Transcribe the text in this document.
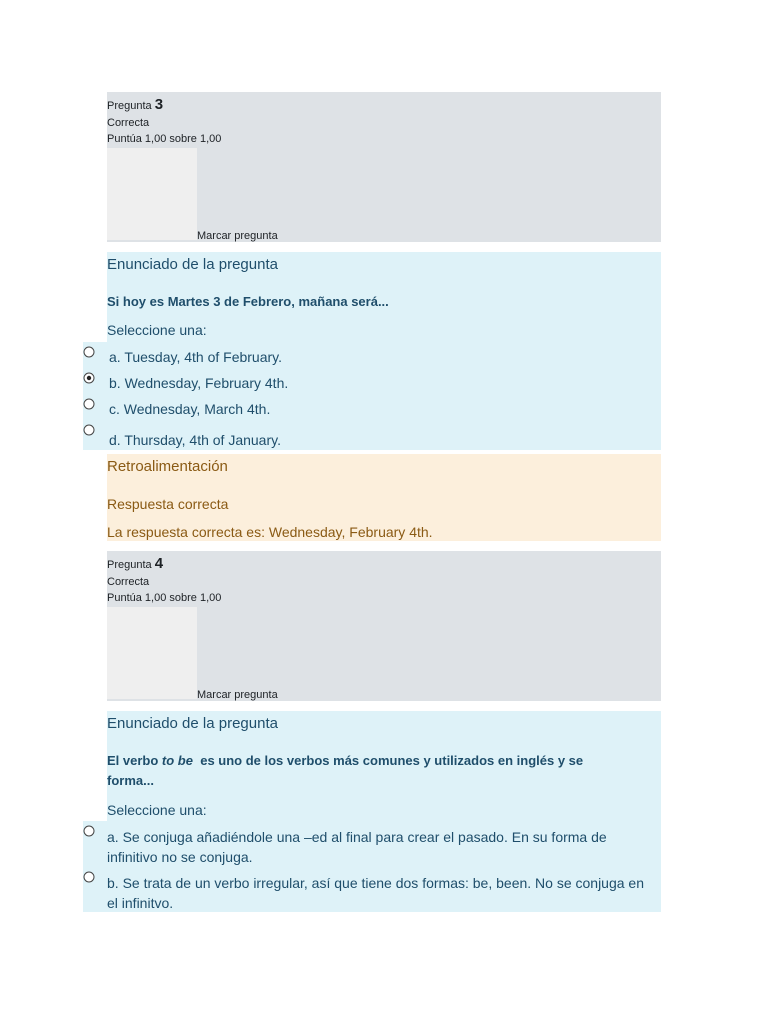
Pregunta 3
Correcta
Puntúa 1,00 sobre 1,00
Marcar pregunta
Enunciado de la pregunta
Si hoy es Martes 3 de Febrero, mañana será...
Seleccione una:
a. Tuesday, 4th of February.
b. Wednesday, February 4th.
c. Wednesday, March 4th.
d. Thursday, 4th of January.
Retroalimentación
Respuesta correcta
La respuesta correcta es: Wednesday, February 4th.
Pregunta 4
Correcta
Puntúa 1,00 sobre 1,00
Marcar pregunta
Enunciado de la pregunta
El verbo to be es uno de los verbos más comunes y utilizados en inglés y se forma...
Seleccione una:
a. Se conjuga añadiéndole una –ed al final para crear el pasado. En su forma de infinitivo no se conjuga.
b. Se trata de un verbo irregular, así que tiene dos formas: be, been. No se conjuga en el infinitvo.
